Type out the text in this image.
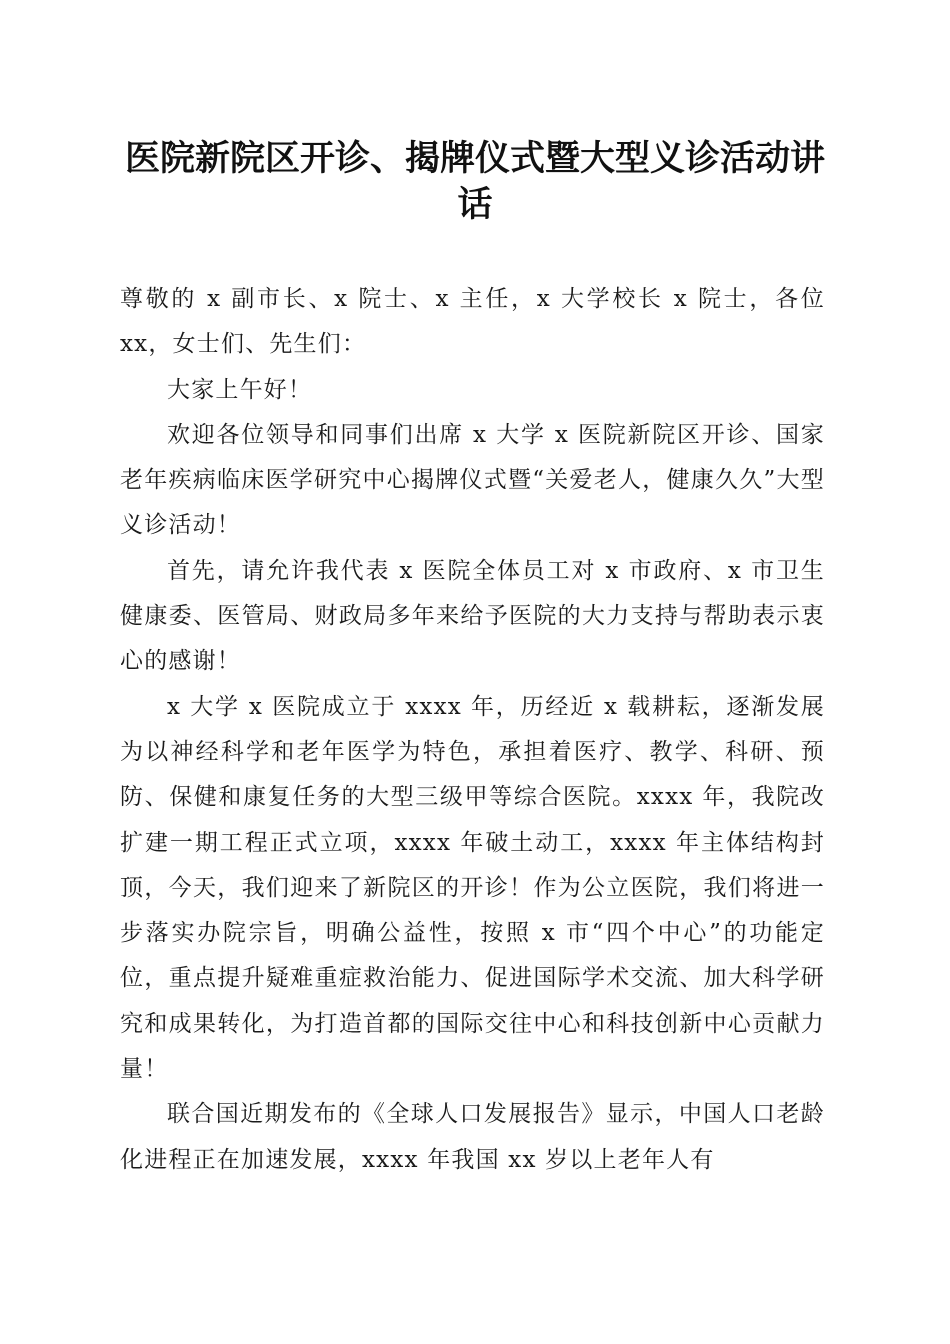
医院新院区开诊、揭牌仪式暨大型义诊活动讲话

尊敬的 x 副市长、x 院士、x 主任，x 大学校长 x 院士，各位 xx，女士们、先生们：

大家上午好！

欢迎各位领导和同事们出席 x 大学 x 医院新院区开诊、国家老年疾病临床医学研究中心揭牌仪式暨“关爱老人，健康久久”大型义诊活动！

首先，请允许我代表 x 医院全体员工对 x 市政府、x 市卫生健康委、医管局、财政局多年来给予医院的大力支持与帮助表示衷心的感谢！

x 大学 x 医院成立于 xxxx 年，历经近 x 载耕耘，逐渐发展为以神经科学和老年医学为特色，承担着医疗、教学、科研、预防、保健和康复任务的大型三级甲等综合医院。xxxx 年，我院改扩建一期工程正式立项，xxxx 年破土动工，xxxx 年主体结构封顶，今天，我们迎来了新院区的开诊！作为公立医院，我们将进一步落实办院宗旨，明确公益性，按照 x 市“四个中心”的功能定位，重点提升疑难重症救治能力、促进国际学术交流、加大科学研究和成果转化，为打造首都的国际交往中心和科技创新中心贡献力量！

联合国近期发布的《全球人口发展报告》显示，中国人口老龄化进程正在加速发展，xxxx 年我国 xx 岁以上老年人有
